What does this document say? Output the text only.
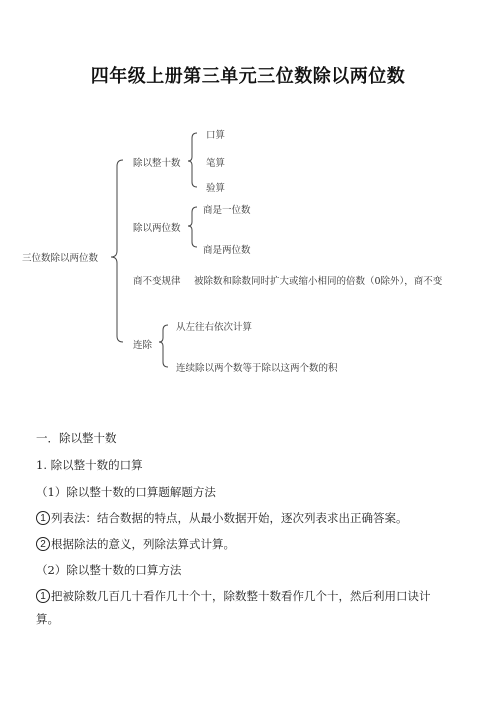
四年级上册第三单元三位数除以两位数
三位数除以两位数
除以整十数
口算
笔算
验算
除以两位数
商是一位数
商是两位数
商不变规律 被除数和除数同时扩大或缩小相同的倍数（0除外），商不变
连除
从左往右依次计算
连续除以两个数等于除以这两个数的积
一．除以整十数
1. 除以整十数的口算
（1）除以整十数的口算题解题方法
1 列表法：结合数据的特点，从最小数据开始，逐次列表求出正确答案。
2 根据除法的意义，列除法算式计算。
（2）除以整十数的口算方法
1 把被除数几百几十看作几十个十，除数整十数看作几个十，然后利用口诀计
算。
